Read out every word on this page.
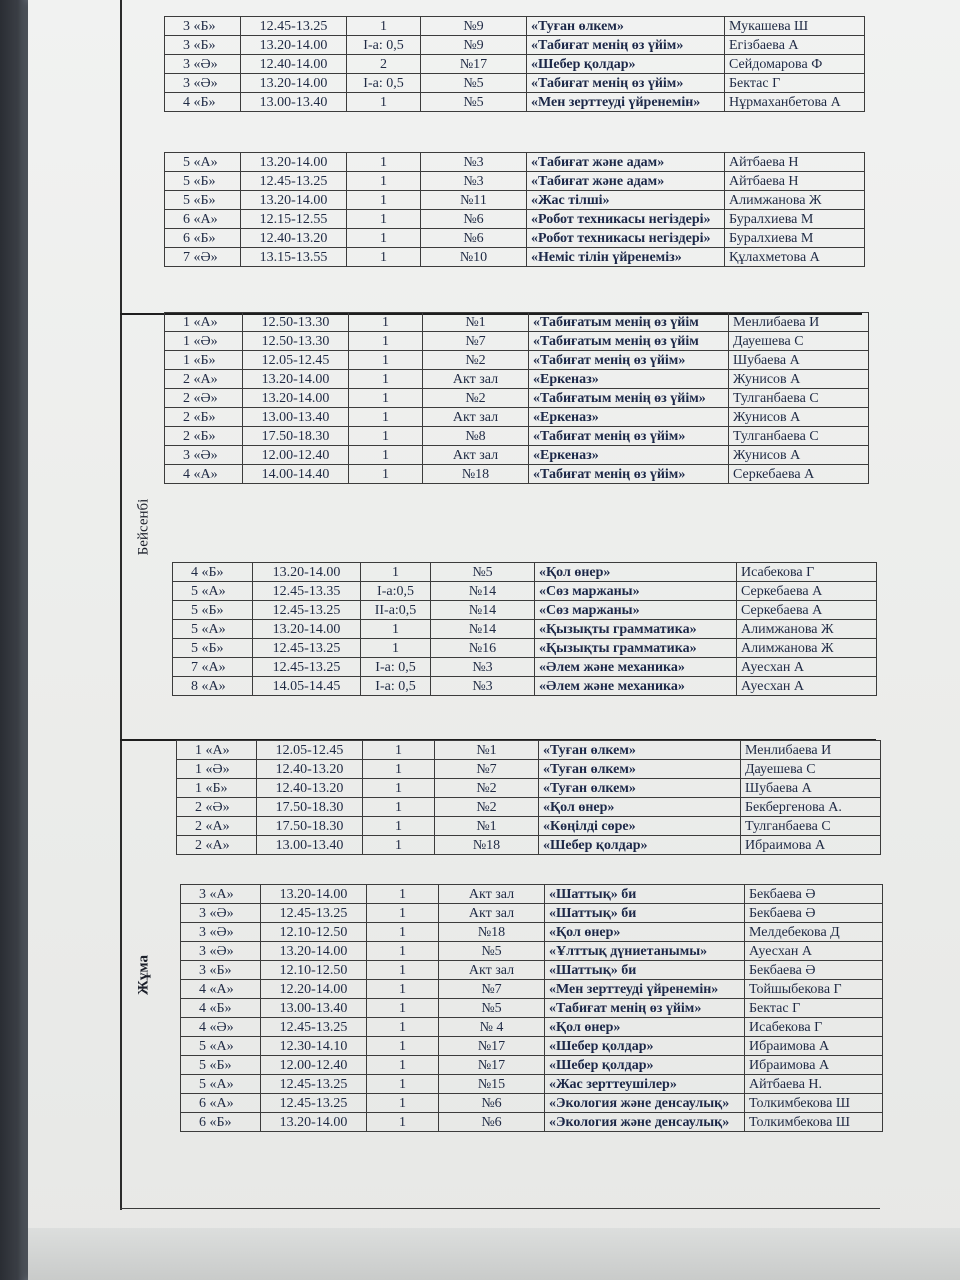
Бейсенбі
Жұма
3 «Б»	12.45-13.25	1	№9	«Туған өлкем»	Мукашева Ш
3 «Б»	13.20-14.00	І-а: 0,5	№9	«Табиғат менің өз үйім»	Егізбаева А
3 «Ә»	12.40-14.00	2	№17	«Шебер қолдар»	Сейдомарова Ф
3 «Ә»	13.20-14.00	І-а: 0,5	№5	«Табиғат менің өз үйім»	Бектас Г
4 «Б»	13.00-13.40	1	№5	«Мен зерттеуді үйренемін»	Нұрмаханбетова А
5 «А»	13.20-14.00	1	№3	«Табиғат және адам»	Айтбаева Н
5 «Б»	12.45-13.25	1	№3	«Табиғат және адам»	Айтбаева Н
5 «Б»	13.20-14.00	1	№11	«Жас тілші»	Алимжанова Ж
6 «А»	12.15-12.55	1	№6	«Робот техникасы негіздері»	Буралхиева М
6 «Б»	12.40-13.20	1	№6	«Робот техникасы негіздері»	Буралхиева М
7 «Ә»	13.15-13.55	1	№10	«Неміс тілін үйренеміз»	Құлахметова А
1 «А»	12.50-13.30	1	№1	«Табиғатым менің өз үйім	Менлибаева И
1 «Ә»	12.50-13.30	1	№7	«Табиғатым менің өз үйім	Дауешева С
1 «Б»	12.05-12.45	1	№2	«Табиғат менің өз үйім»	Шубаева А
2 «А»	13.20-14.00	1	Акт зал	«Еркеназ»	Жунисов А
2 «Ә»	13.20-14.00	1	№2	«Табиғатым менің өз үйім»	Тулганбаева С
2 «Б»	13.00-13.40	1	Акт зал	«Еркеназ»	Жунисов А
2 «Б»	17.50-18.30	1	№8	«Табиғат менің өз үйім»	Тулганбаева С
3 «Ә»	12.00-12.40	1	Акт зал	«Еркеназ»	Жунисов А
4 «А»	14.00-14.40	1	№18	«Табиғат менің өз үйім»	Серкебаева А
4 «Б»	13.20-14.00	1	№5	«Қол өнер»	Исабекова Г
5 «А»	12.45-13.35	І-а:0,5	№14	«Сөз маржаны»	Серкебаева А
5 «Б»	12.45-13.25	ІІ-а:0,5	№14	«Сөз маржаны»	Серкебаева А
5 «А»	13.20-14.00	1	№14	«Қызықты грамматика»	Алимжанова Ж
5 «Б»	12.45-13.25	1	№16	«Қызықты грамматика»	Алимжанова Ж
7 «А»	12.45-13.25	І-а: 0,5	№3	«Әлем және механика»	Ауесхан А
8 «А»	14.05-14.45	І-а: 0,5	№3	«Әлем және механика»	Ауесхан А
1 «А»	12.05-12.45	1	№1	«Туған өлкем»	Менлибаева И
1 «Ә»	12.40-13.20	1	№7	«Туған өлкем»	Дауешева С
1 «Б»	12.40-13.20	1	№2	«Туған өлкем»	Шубаева А
2 «Ә»	17.50-18.30	1	№2	«Қол өнер»	Бекбергенова А.
2 «А»	17.50-18.30	1	№1	«Көңілді сөре»	Тулганбаева С
2 «А»	13.00-13.40	1	№18	«Шебер қолдар»	Ибраимова А
3 «А»	13.20-14.00	1	Акт зал	«Шаттық» би	Бекбаева Ә
3 «Ә»	12.45-13.25	1	Акт зал	«Шаттық» би	Бекбаева Ә
3 «Ә»	12.10-12.50	1	№18	«Қол өнер»	Мелдебекова Д
3 «Ә»	13.20-14.00	1	№5	«Ұлттық дүниетанымы»	Ауесхан А
3 «Б»	12.10-12.50	1	Акт зал	«Шаттық» би	Бекбаева Ә
4 «А»	12.20-14.00	1	№7	«Мен зерттеуді үйренемін»	Тойшыбекова Г
4 «Б»	13.00-13.40	1	№5	«Табиғат менің өз үйім»	Бектас Г
4 «Ә»	12.45-13.25	1	№ 4	«Қол өнер»	Исабекова Г
5 «А»	12.30-14.10	1	№17	«Шебер қолдар»	Ибраимова А
5 «Б»	12.00-12.40	1	№17	«Шебер қолдар»	Ибраимова А
5 «А»	12.45-13.25	1	№15	«Жас зерттеушілер»	Айтбаева Н.
6 «А»	12.45-13.25	1	№6	«Экология және денсаулық»	Толкимбекова Ш
6 «Б»	13.20-14.00	1	№6	«Экология және денсаулық»	Толкимбекова Ш
